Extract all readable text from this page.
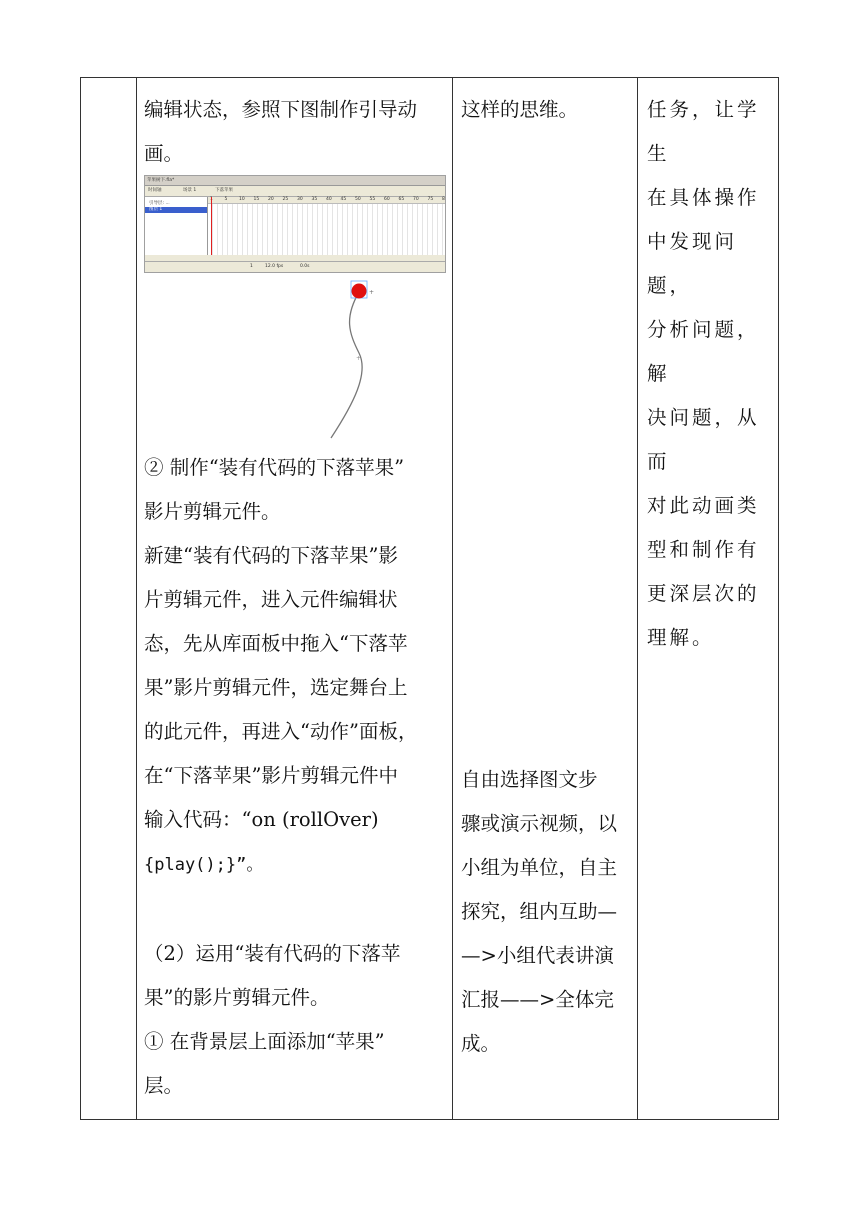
编辑状态，参照下图制作引导动
画。
苹果树下.fla*
时间轴	场景 1	下落苹果
引导层: ...
图层 1
5	10 15 20 25 30 35 40 45 50 55 60 65 70 75 8
1	12.0 fps	0.0s
+
+
② 制作“装有代码的下落苹果”
影片剪辑元件。
新建“装有代码的下落苹果”影
片剪辑元件，进入元件编辑状
态，先从库面板中拖入“下落苹
果”影片剪辑元件，选定舞台上
的此元件，再进入“动作”面板，
在“下落苹果”影片剪辑元件中
输入代码：“on (rollOver)
{play();}”。
（2）运用“装有代码的下落苹
果”的影片剪辑元件。
① 在背景层上面添加“苹果”
层。
这样的思维。
自由选择图文步
骤或演示视频，以
小组为单位，自主
探究，组内互助—
—>小组代表讲演
汇报——>全体完
成。
任务，让学生
在具体操作
中发现问题，
分析问题，解
决问题，从而
对此动画类
型和制作有
更深层次的
理解。
